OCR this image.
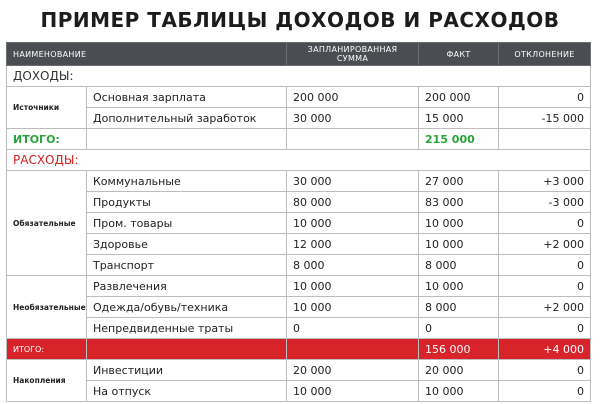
ПРИМЕР ТАБЛИЦЫ ДОХОДОВ И РАСХОДОВ
НАИМЕНОВАНИЕ		ЗАПЛАНИРОВАННАЯ СУММА	ФАКТ	ОТКЛОНЕНИЕ
ДОХОДЫ:				
Источники	Основная зарплата	200 000	200 000	0
	Дополнительный заработок	30 000	15 000	-15 000
ИТОГО:			215 000	
РАСХОДЫ:				
Обязательные	Коммунальные	30 000	27 000	+3 000
	Продукты	80 000	83 000	-3 000
	Пром. товары	10 000	10 000	0
	Здоровье	12 000	10 000	+2 000
	Транспорт	8 000	8 000	0
Необязательные	Развлечения	10 000	10 000	0
	Одежда/обувь/техника	10 000	8 000	+2 000
	Непредвиденные траты	0	0	0
ИТОГО:			156 000	+4 000
Накопления	Инвестиции	20 000	20 000	0
	На отпуск	10 000	10 000	0
